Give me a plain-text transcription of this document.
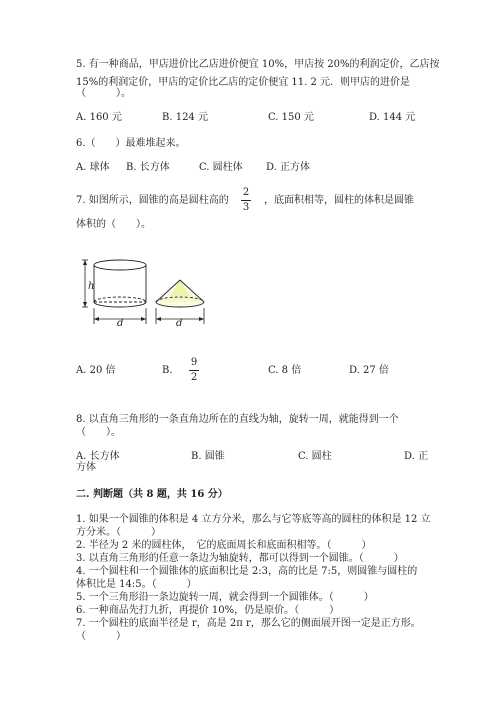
5. 有一种商品，甲店进价比乙店进价便宜 10%，甲店按 20%的利润定价，乙店按
15%的利润定价，甲店的定价比乙店的定价便宜 11. 2 元．则甲店的进价是
（　　　）。
A. 160 元	B. 124 元	C. 150 元	D. 144 元
6.（　　）最难堆起来。
A. 球体 B. 长方体	C. 圆柱体 D. 正方体
7. 如图所示，圆锥的高是圆柱高的
2
3
，底面积相等，圆柱的体积是圆锥
体积的（　　）。
h
d	d
A. 20 倍	B.
9
2
C. 8 倍	D. 27 倍
8. 以直角三角形的一条直角边所在的直线为轴，旋转一周，就能得到一个
（　　）。
A. 长方体	B. 圆锥	C. 圆柱	D. 正
方体
二. 判断题（共 8 题，共 16 分）
1. 如果一个圆锥的体积是 4 立方分米，那么与它等底等高的圆柱的体积是 12 立
方分米。（　　　）
2. 半径为 2 米的圆柱体，　它的底面周长和底面积相等。（　　　）
3. 以直角三角形的任意一条边为轴旋转，都可以得到一个圆锥。（　　　）
4. 一个圆柱和一个圆锥体的底面积比是 2:3，高的比是 7:5，则圆锥与圆柱的
体积比是 14:5。（　　　）
5. 一个三角形沿一条边旋转一周，就会得到一个圆锥体。（　　　）
6. 一种商品先打九折，再提价 10%，仍是原价。（　　　）
7. 一个圆柱的底面半径是 r，高是 2π r，那么它的侧面展开图一定是正方形。
（　　　）
